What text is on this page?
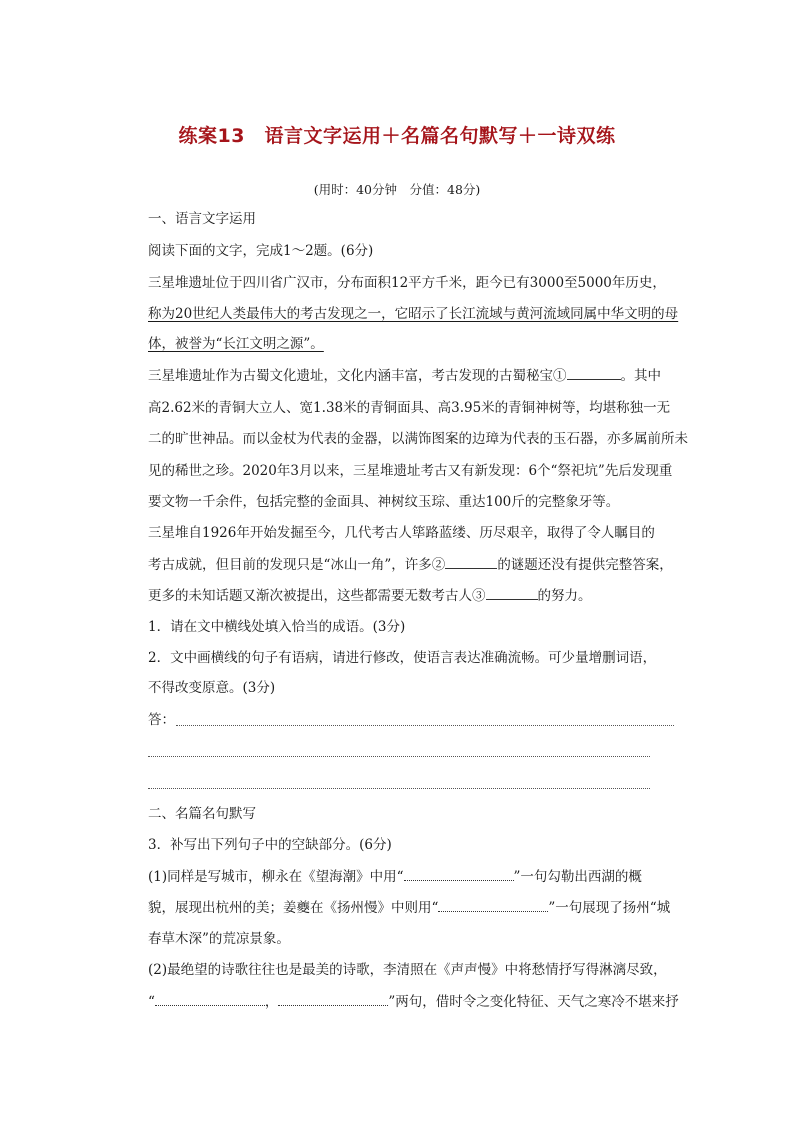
练案13　语言文字运用＋名篇名句默写＋一诗双练
(用时：40分钟　分值：48分)
一、语言文字运用
阅读下面的文字，完成1～2题。(6分)
三星堆遗址位于四川省广汉市，分布面积12平方千米，距今已有3000至5000年历史，
称为20世纪人类最伟大的考古发现之一，它昭示了长江流域与黄河流域同属中华文明的母
体，被誉为“长江文明之源”。
三星堆遗址作为古蜀文化遗址，文化内涵丰富，考古发现的古蜀秘宝①	。其中
高2.62米的青铜大立人、宽1.38米的青铜面具、高3.95米的青铜神树等，均堪称独一无
二的旷世神品。而以金杖为代表的金器，以满饰图案的边璋为代表的玉石器，亦多属前所未
见的稀世之珍。2020年3月以来，三星堆遗址考古又有新发现：6个“祭祀坑”先后发现重
要文物一千余件，包括完整的金面具、神树纹玉琮、重达100斤的完整象牙等。
三星堆自1926年开始发掘至今，几代考古人筚路蓝缕、历尽艰辛，取得了令人瞩目的
考古成就，但目前的发现只是“冰山一角”，许多②	的谜题还没有提供完整答案，
更多的未知话题又渐次被提出，这些都需要无数考古人③	的努力。
1．请在文中横线处填入恰当的成语。(3分)
2．文中画横线的句子有语病，请进行修改，使语言表达准确流畅。可少量增删词语，
不得改变原意。(3分)
答：
二、名篇名句默写
3．补写出下列句子中的空缺部分。(6分)
(1)同样是写城市，柳永在《望海潮》中用“	”一句勾勒出西湖的概
貌，展现出杭州的美；姜夔在《扬州慢》中则用“	”一句展现了扬州“城
春草木深”的荒凉景象。
(2)最绝望的诗歌往往也是最美的诗歌，李清照在《声声慢》中将愁情抒写得淋漓尽致，
“	，	”两句，借时令之变化特征、天气之寒冷不堪来抒
